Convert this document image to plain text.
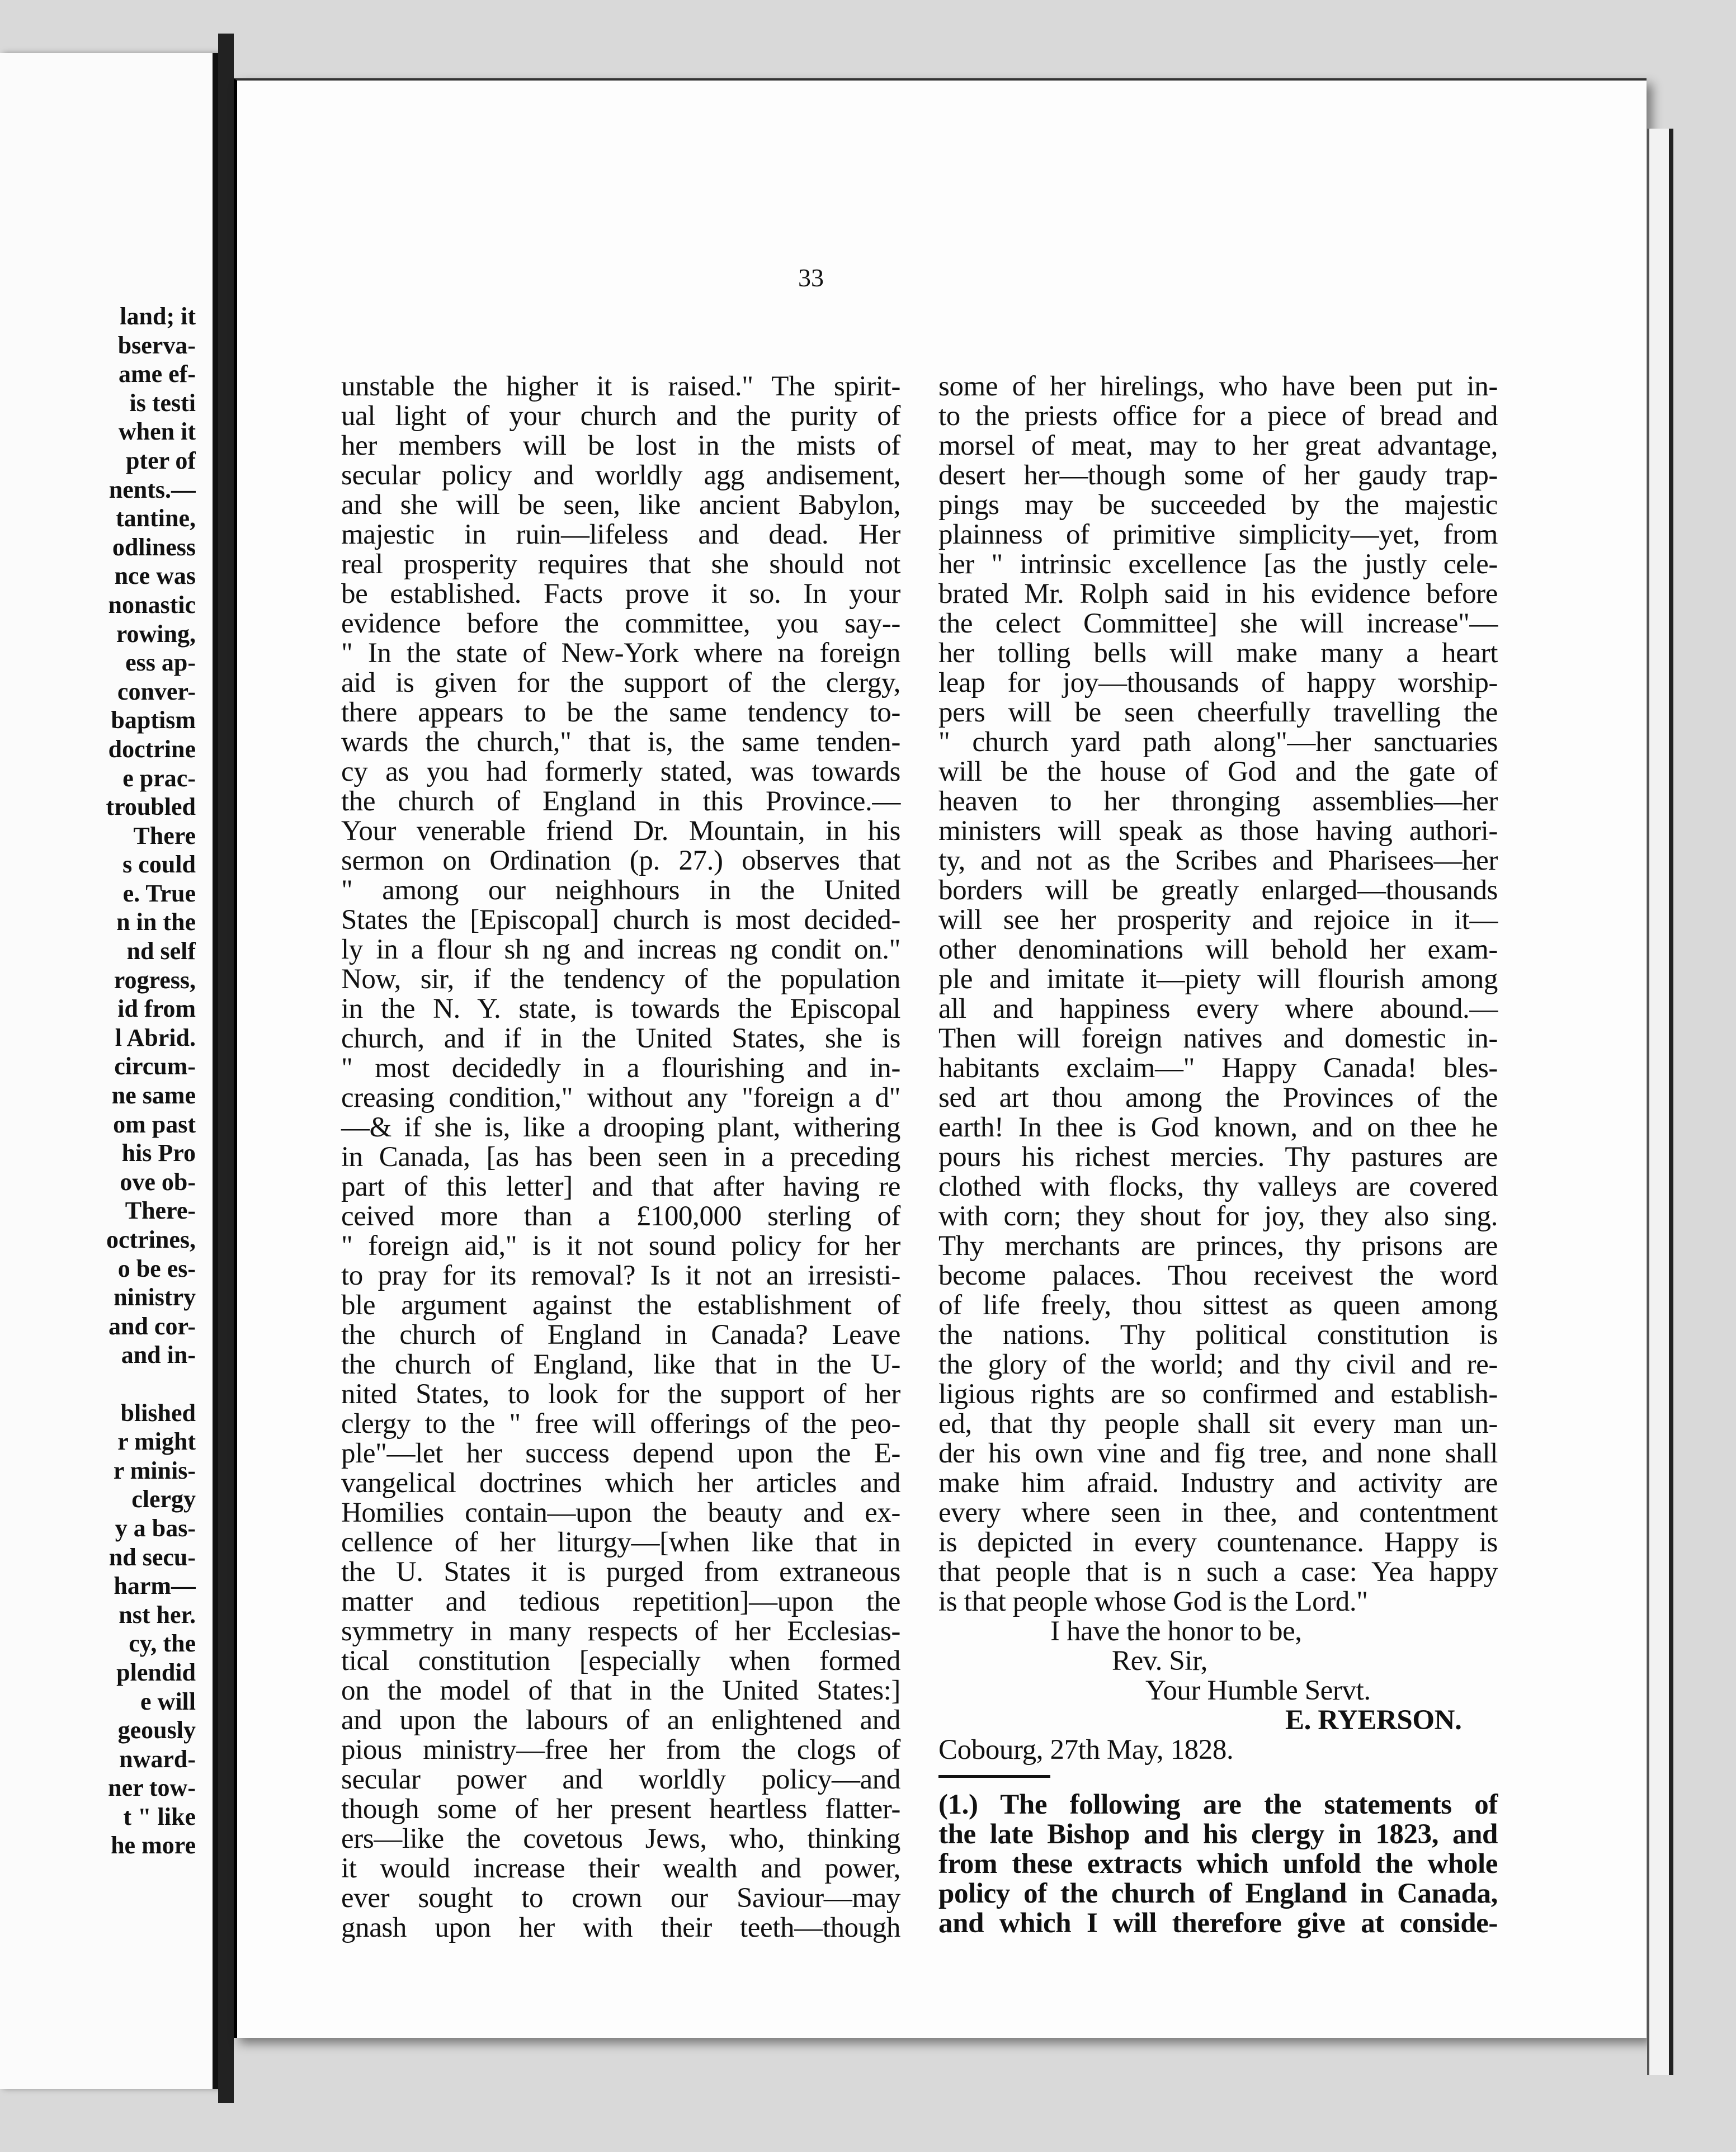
land; it
bserva-
ame ef-
is testi
when it
pter of
nents.—
tantine,
odliness
nce was
nonastic
rowing,
ess ap-
conver-
baptism
doctrine
e prac-
troubled
There
s could
e. True
n in the
nd self
rogress,
id from
l Abrid.
circum-
ne same
om past
his Pro
ove ob-
There-
octrines,
o be es-
ninistry
and cor-
and in-
blished
r might
r minis-
clergy
y a bas-
nd secu-
harm—
nst her.
cy, the
plendid
e will
geously
nward-
ner tow-
t " like
he more
33
unstable the higher it is raised." The spirit-
ual light of your church and the purity of
her members will be lost in the mists of
secular policy and worldly agg andisement,
and she will be seen, like ancient Babylon,
majestic in ruin—lifeless and dead. Her
real prosperity requires that she should not
be established. Facts prove it so. In your
evidence before the committee, you say--
" In the state of New-York where na foreign
aid is given for the support of the clergy,
there appears to be the same tendency to-
wards the church," that is, the same tenden-
cy as you had formerly stated, was towards
the church of England in this Province.—
Your venerable friend Dr. Mountain, in his
sermon on Ordination (p. 27.) observes that
" among our neighhours in the United
States the [Episcopal] church is most decided-
ly in a flour sh ng and increas ng condit on."
Now, sir, if the tendency of the population
in the N. Y. state, is towards the Episcopal
church, and if in the United States, she is
" most decidedly in a flourishing and in-
creasing condition," without any "foreign a d"
—& if she is, like a drooping plant, withering
in Canada, [as has been seen in a preceding
part of this letter] and that after having re
ceived more than a £100,000 sterling of
" foreign aid," is it not sound policy for her
to pray for its removal? Is it not an irresisti-
ble argument against the establishment of
the church of England in Canada? Leave
the church of England, like that in the U-
nited States, to look for the support of her
clergy to the " free will offerings of the peo-
ple"—let her success depend upon the E-
vangelical doctrines which her articles and
Homilies contain—upon the beauty and ex-
cellence of her liturgy—[when like that in
the U. States it is purged from extraneous
matter and tedious repetition]—upon the
symmetry in many respects of her Ecclesias-
tical constitution [especially when formed
on the model of that in the United States:]
and upon the labours of an enlightened and
pious ministry—free her from the clogs of
secular power and worldly policy—and
though some of her present heartless flatter-
ers—like the covetous Jews, who, thinking
it would increase their wealth and power,
ever sought to crown our Saviour—may
gnash upon her with their teeth—though
some of her hirelings, who have been put in-
to the priests office for a piece of bread and
morsel of meat, may to her great advantage,
desert her—though some of her gaudy trap-
pings may be succeeded by the majestic
plainness of primitive simplicity—yet, from
her " intrinsic excellence [as the justly cele-
brated Mr. Rolph said in his evidence before
the celect Committee] she will increase"—
her tolling bells will make many a heart
leap for joy—thousands of happy worship-
pers will be seen cheerfully travelling the
" church yard path along"—her sanctuaries
will be the house of God and the gate of
heaven to her thronging assemblies—her
ministers will speak as those having authori-
ty, and not as the Scribes and Pharisees—her
borders will be greatly enlarged—thousands
will see her prosperity and rejoice in it—
other denominations will behold her exam-
ple and imitate it—piety will flourish among
all and happiness every where abound.—
Then will foreign natives and domestic in-
habitants exclaim—" Happy Canada! bles-
sed art thou among the Provinces of the
earth! In thee is God known, and on thee he
pours his richest mercies. Thy pastures are
clothed with flocks, thy valleys are covered
with corn; they shout for joy, they also sing.
Thy merchants are princes, thy prisons are
become palaces. Thou receivest the word
of life freely, thou sittest as queen among
the nations. Thy political constitution is
the glory of the world; and thy civil and re-
ligious rights are so confirmed and establish-
ed, that thy people shall sit every man un-
der his own vine and fig tree, and none shall
make him afraid. Industry and activity are
every where seen in thee, and contentment
is depicted in every countenance. Happy is
that people that is n such a case: Yea happy
is that people whose God is the Lord."
I have the honor to be,
Rev. Sir,
Your Humble Servt.
E. RYERSON.
Cobourg, 27th May, 1828.
(1.) The following are the statements of
the late Bishop and his clergy in 1823, and
from these extracts which unfold the whole
policy of the church of England in Canada,
and which I will therefore give at conside-
